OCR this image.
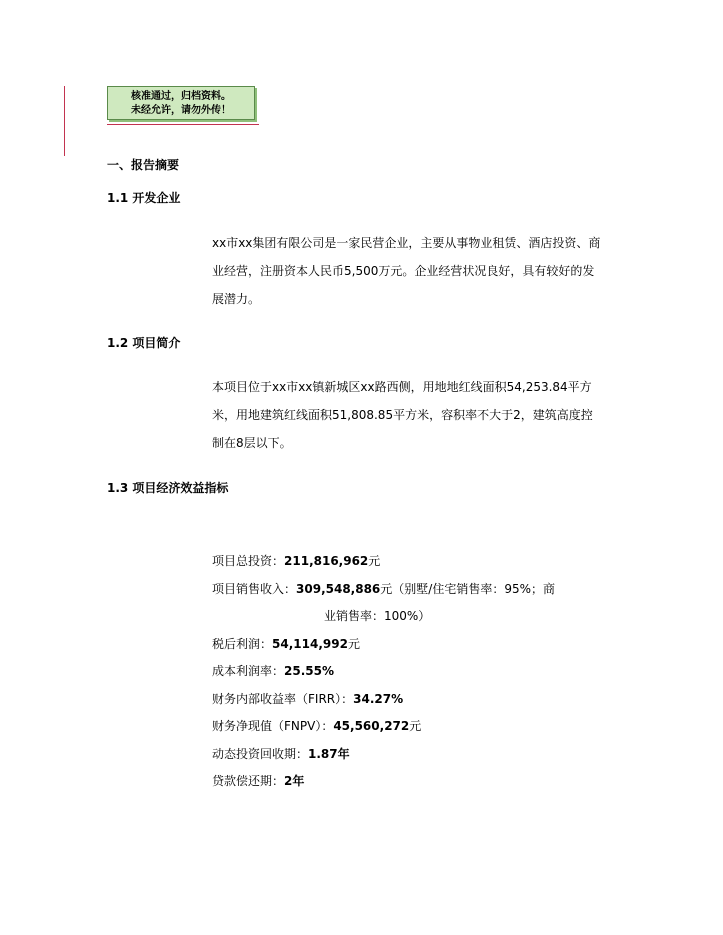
核准通过，归档资料。
未经允许，请勿外传！
一、报告摘要
1.1 开发企业
xx市xx集团有限公司是一家民营企业，主要从事物业租赁、酒店投资、商业经营，注册资本人民币5,500万元。企业经营状况良好，具有较好的发展潜力。
1.2 项目简介
本项目位于xx市xx镇新城区xx路西侧，用地地红线面积54,253.84平方米，用地建筑红线面积51,808.85平方米，容积率不大于2，建筑高度控制在8层以下。
1.3 项目经济效益指标
项目总投资：211,816,962元
项目销售收入：309,548,886元（别墅/住宅销售率：95%；商
业销售率：100%）
税后利润：54,114,992元
成本利润率：25.55%
财务内部收益率（FIRR）：34.27%
财务净现值（FNPV）：45,560,272元
动态投资回收期：1.87年
贷款偿还期：2年
